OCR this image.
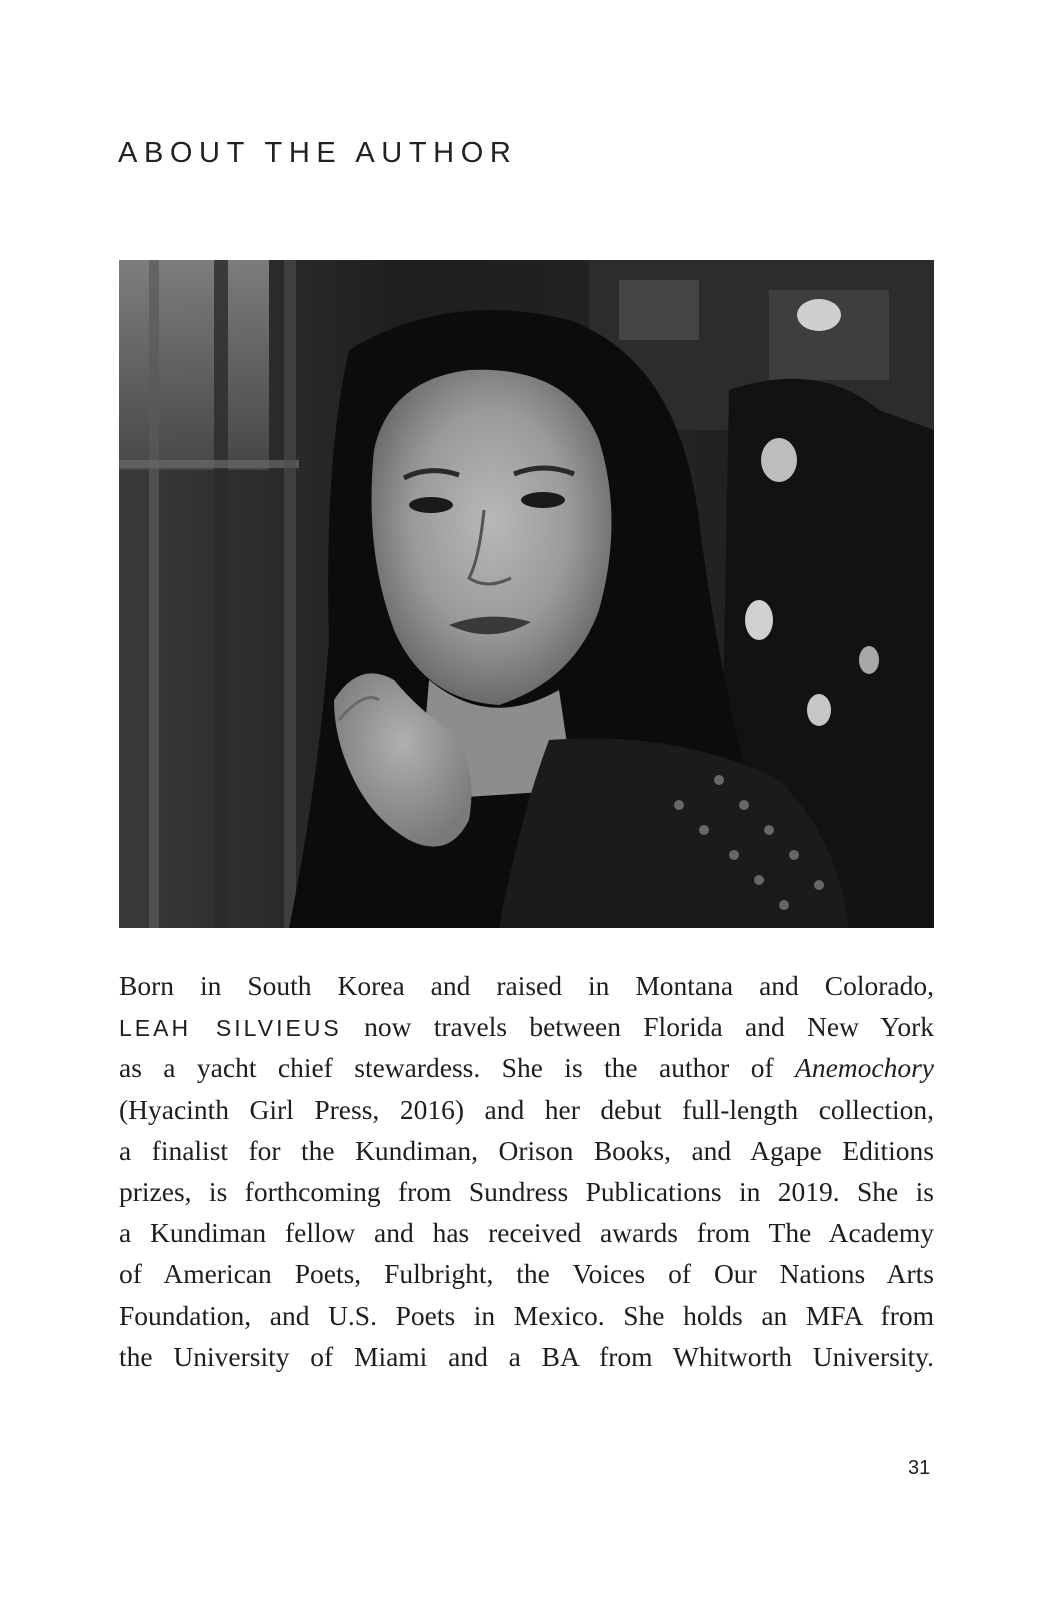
ABOUT THE AUTHOR
Born in South Korea and raised in Montana and Colorado,
LEAH SILVIEUS now travels between Florida and New York
as a yacht chief stewardess. She is the author of Anemochory
(Hyacinth Girl Press, 2016) and her debut full-length collection,
a finalist for the Kundiman, Orison Books, and Agape Editions
prizes, is forthcoming from Sundress Publications in 2019. She is
a Kundiman fellow and has received awards from The Academy
of American Poets, Fulbright, the Voices of Our Nations Arts
Foundation, and U.S. Poets in Mexico. She holds an MFA from
the University of Miami and a BA from Whitworth University.
31
